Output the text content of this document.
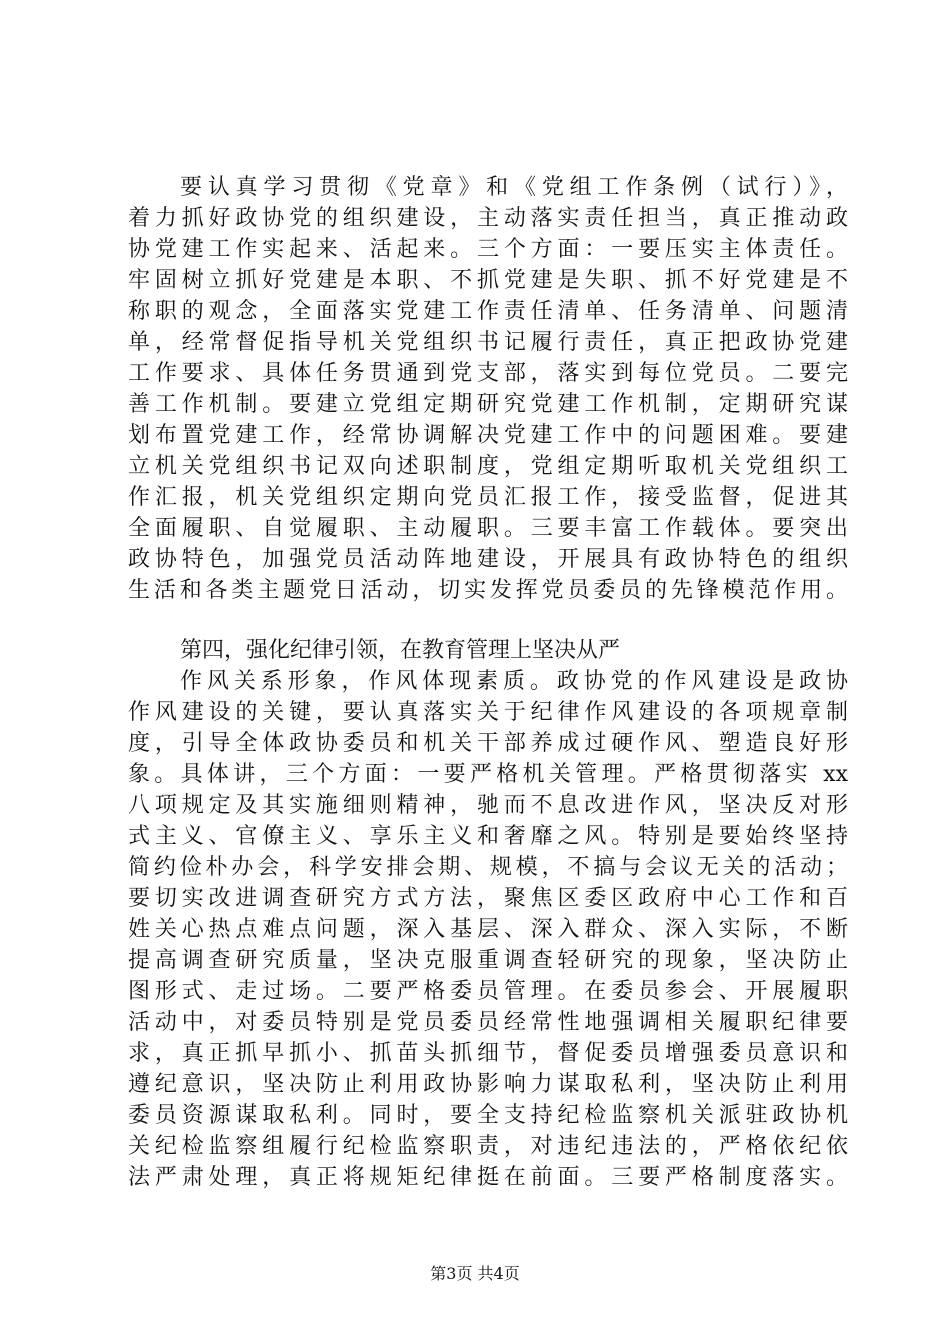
要认真学习贯彻《党章》和《党组工作条例（试行）》，
着力抓好政协党的组织建设，主动落实责任担当，真正推动政
协党建工作实起来、活起来。三个方面：一要压实主体责任。
牢固树立抓好党建是本职、不抓党建是失职、抓不好党建是不
称职的观念，全面落实党建工作责任清单、任务清单、问题清
单，经常督促指导机关党组织书记履行责任，真正把政协党建
工作要求、具体任务贯通到党支部，落实到每位党员。二要完
善工作机制。要建立党组定期研究党建工作机制，定期研究谋
划布置党建工作，经常协调解决党建工作中的问题困难。要建
立机关党组织书记双向述职制度，党组定期听取机关党组织工
作汇报，机关党组织定期向党员汇报工作，接受监督，促进其
全面履职、自觉履职、主动履职。三要丰富工作载体。要突出
政协特色，加强党员活动阵地建设，开展具有政协特色的组织
生活和各类主题党日活动，切实发挥党员委员的先锋模范作用。
第四，强化纪律引领，在教育管理上坚决从严
作风关系形象，作风体现素质。政协党的作风建设是政协
作风建设的关键，要认真落实关于纪律作风建设的各项规章制
度，引导全体政协委员和机关干部养成过硬作风、塑造良好形
象。具体讲，三个方面：一要严格机关管理。严格贯彻落实 xx
八项规定及其实施细则精神，驰而不息改进作风，坚决反对形
式主义、官僚主义、享乐主义和奢靡之风。特别是要始终坚持
简约俭朴办会，科学安排会期、规模，不搞与会议无关的活动；
要切实改进调查研究方式方法，聚焦区委区政府中心工作和百
姓关心热点难点问题，深入基层、深入群众、深入实际，不断
提高调查研究质量，坚决克服重调查轻研究的现象，坚决防止
图形式、走过场。二要严格委员管理。在委员参会、开展履职
活动中，对委员特别是党员委员经常性地强调相关履职纪律要
求，真正抓早抓小、抓苗头抓细节，督促委员增强委员意识和
遵纪意识，坚决防止利用政协影响力谋取私利，坚决防止利用
委员资源谋取私利。同时，要全支持纪检监察机关派驻政协机
关纪检监察组履行纪检监察职责，对违纪违法的，严格依纪依
法严肃处理，真正将规矩纪律挺在前面。三要严格制度落实。
第3页 共4页
